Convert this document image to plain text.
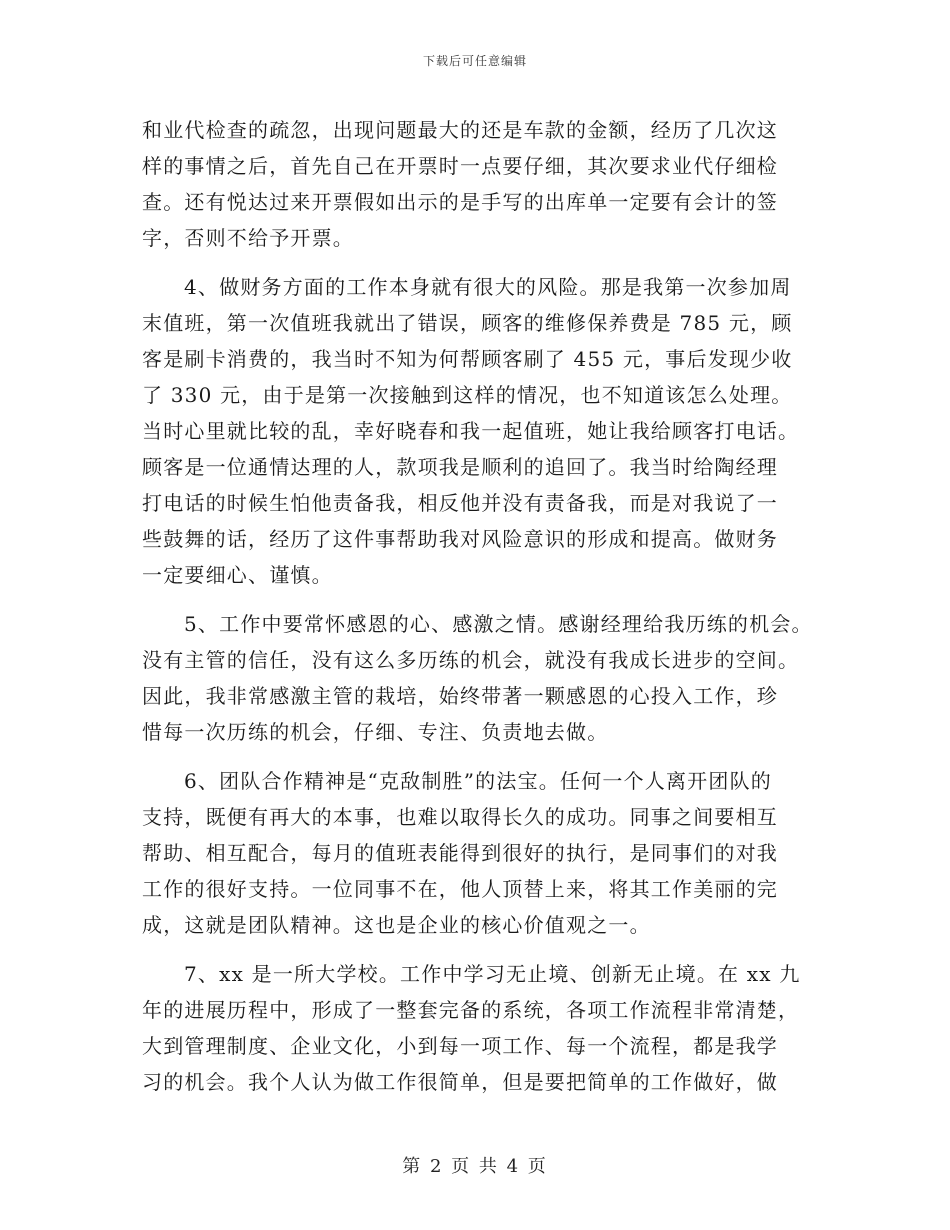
下载后可任意编辑
和业代检查的疏忽，出现问题最大的还是车款的金额，经历了几次这
样的事情之后，首先自己在开票时一点要仔细，其次要求业代仔细检
查。还有悦达过来开票假如出示的是手写的出库单一定要有会计的签
字，否则不给予开票。
4、做财务方面的工作本身就有很大的风险。那是我第一次参加周
末值班，第一次值班我就出了错误，顾客的维修保养费是 785 元，顾
客是刷卡消费的，我当时不知为何帮顾客刷了 455 元，事后发现少收
了 330 元，由于是第一次接触到这样的情况，也不知道该怎么处理。
当时心里就比较的乱，幸好晓春和我一起值班，她让我给顾客打电话。
顾客是一位通情达理的人，款项我是顺利的追回了。我当时给陶经理
打电话的时候生怕他责备我，相反他并没有责备我，而是对我说了一
些鼓舞的话，经历了这件事帮助我对风险意识的形成和提高。做财务
一定要细心、谨慎。
5、工作中要常怀感恩的心、感激之情。感谢经理给我历练的机会。
没有主管的信任，没有这么多历练的机会，就没有我成长进步的空间。
因此，我非常感激主管的栽培，始终带著一颗感恩的心投入工作，珍
惜每一次历练的机会，仔细、专注、负责地去做。
6、团队合作精神是“克敌制胜”的法宝。任何一个人离开团队的
支持，既便有再大的本事，也难以取得长久的成功。同事之间要相互
帮助、相互配合，每月的值班表能得到很好的执行，是同事们的对我
工作的很好支持。一位同事不在，他人顶替上来，将其工作美丽的完
成，这就是团队精神。这也是企业的核心价值观之一。
7、xx 是一所大学校。工作中学习无止境、创新无止境。在 xx 九
年的进展历程中，形成了一整套完备的系统，各项工作流程非常清楚，
大到管理制度、企业文化，小到每一项工作、每一个流程，都是我学
习的机会。我个人认为做工作很简单，但是要把简单的工作做好，做
第 2 页 共 4 页
